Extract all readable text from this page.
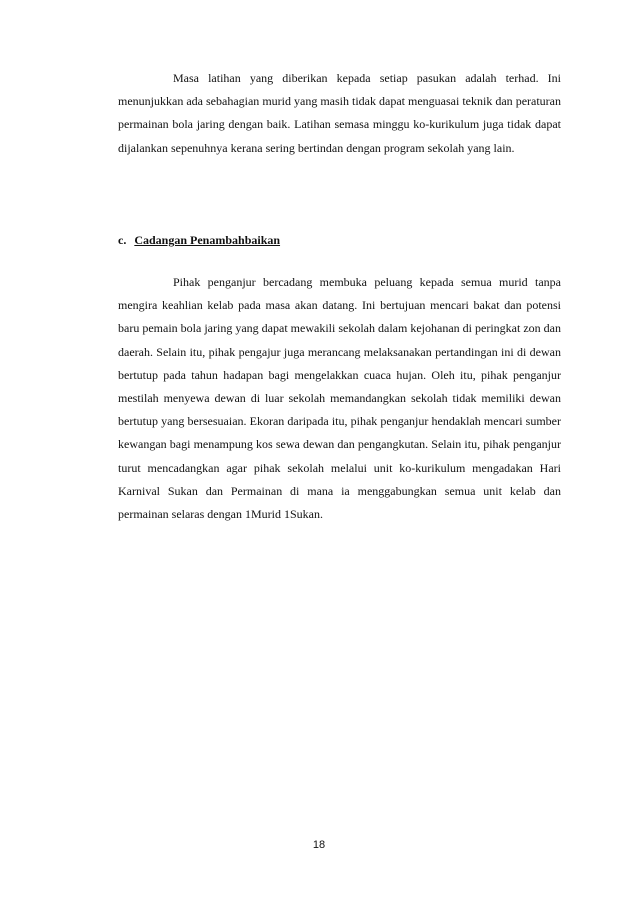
Masa latihan yang diberikan kepada setiap pasukan adalah terhad. Ini menunjukkan ada sebahagian murid yang masih tidak dapat menguasai teknik dan peraturan permainan bola jaring dengan baik. Latihan semasa minggu ko-kurikulum juga tidak dapat dijalankan sepenuhnya kerana sering bertindan dengan program sekolah yang lain.

c. Cadangan Penambahbaikan

Pihak penganjur bercadang membuka peluang kepada semua murid tanpa mengira keahlian kelab pada masa akan datang. Ini bertujuan mencari bakat dan potensi baru pemain bola jaring yang dapat mewakili sekolah dalam kejohanan di peringkat zon dan daerah. Selain itu, pihak pengajur juga merancang melaksanakan pertandingan ini di dewan bertutup pada tahun hadapan bagi mengelakkan cuaca hujan. Oleh itu, pihak penganjur mestilah menyewa dewan di luar sekolah memandangkan sekolah tidak memiliki dewan bertutup yang bersesuaian. Ekoran daripada itu, pihak penganjur hendaklah mencari sumber kewangan bagi menampung kos sewa dewan dan pengangkutan. Selain itu, pihak penganjur turut mencadangkan agar pihak sekolah melalui unit ko-kurikulum mengadakan Hari Karnival Sukan dan Permainan di mana ia menggabungkan semua unit kelab dan permainan selaras dengan 1Murid 1Sukan.

18
